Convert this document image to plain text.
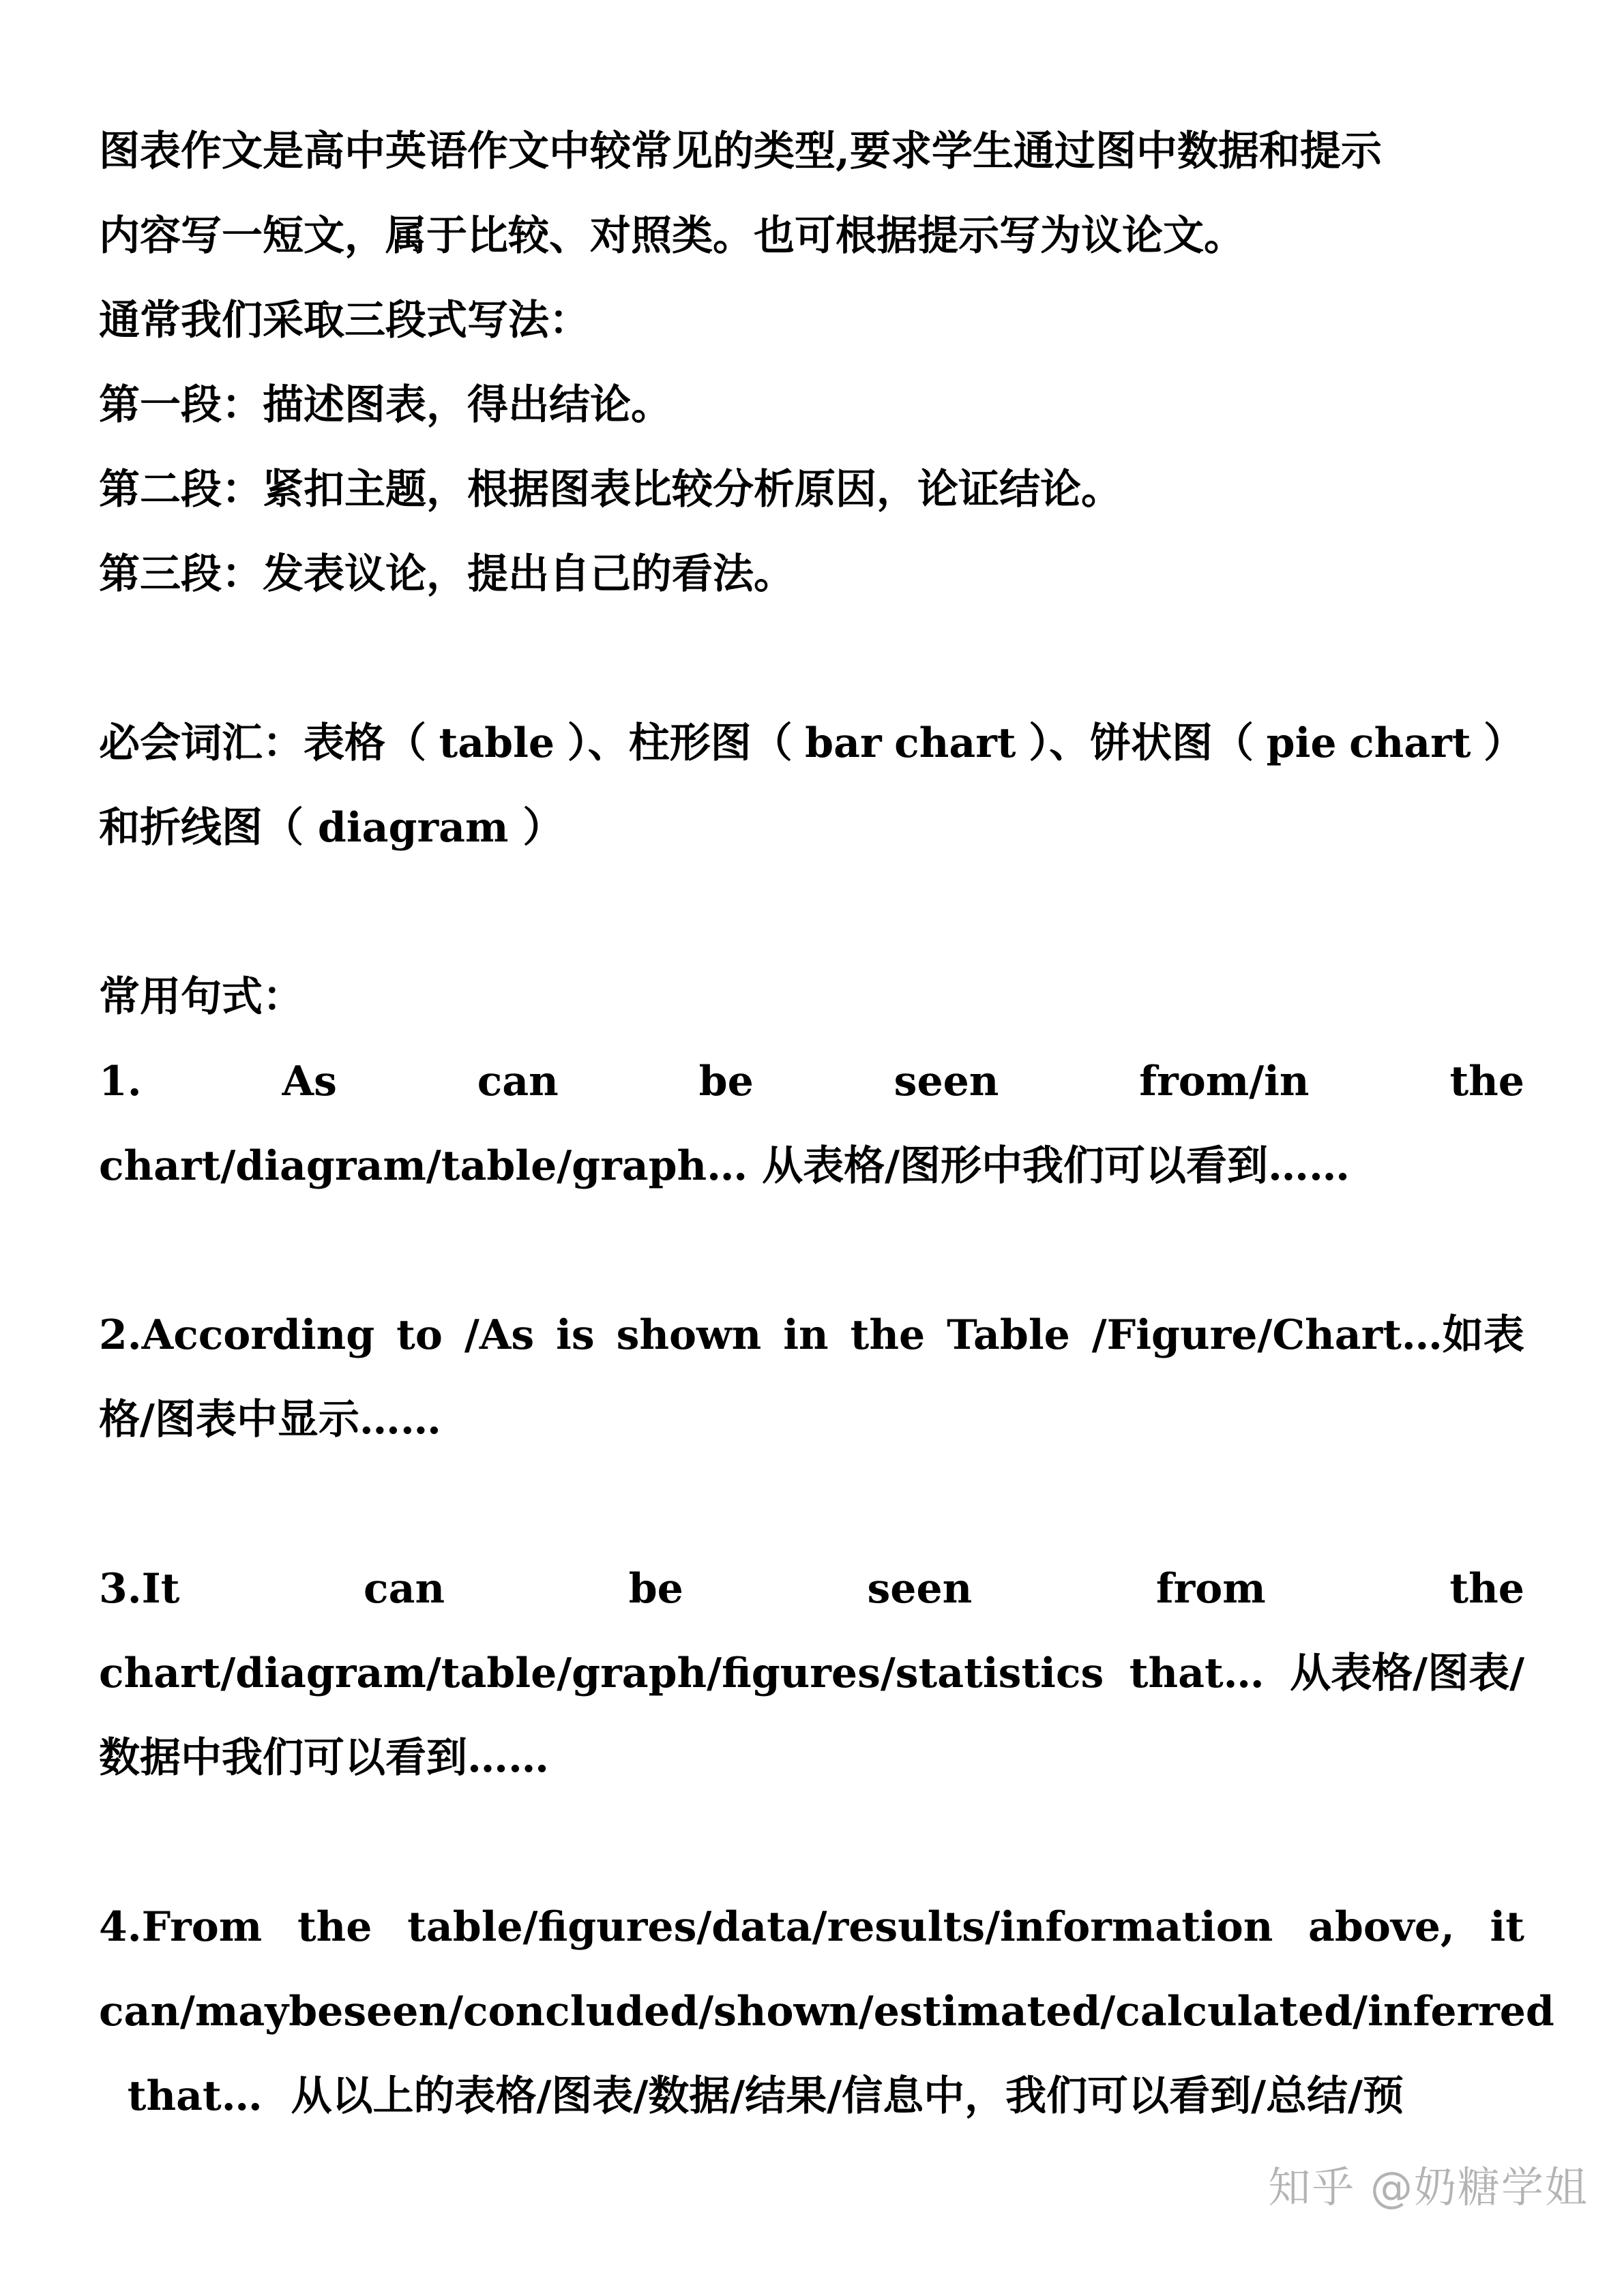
图表作文是高中英语作文中较常见的类型,要求学生通过图中数据和提示
内容写一短文，属于比较、对照类。也可根据提示写为议论文。
通常我们采取三段式写法：
第一段：描述图表，得出结论。
第二段：紧扣主题，根据图表比较分析原因，论证结论。
第三段：发表议论，提出自己的看法。
必会词汇：表格（ table ）、柱形图（ bar chart ）、饼状图（ pie chart ）
和折线图（ diagram ）
常用句式：
1.	As	can	be	seen	from/in	the
chart/diagram/table/graph… 从表格/图形中我们可以看到……
2.According to /As is shown in the Table /Figure/Chart…如表
格/图表中显示……
3.It	can	be	seen	from	the
chart/diagram/table/graph/figures/statistics that… 从表格/图表/
数据中我们可以看到……
4.From the table/figures/data/results/information above, it
can/may be seen/concluded/shown/estimated/calculated/inferred
that…  从以上的表格/图表/数据/结果/信息中，我们可以看到/总结/预
知乎 @奶糖学姐
